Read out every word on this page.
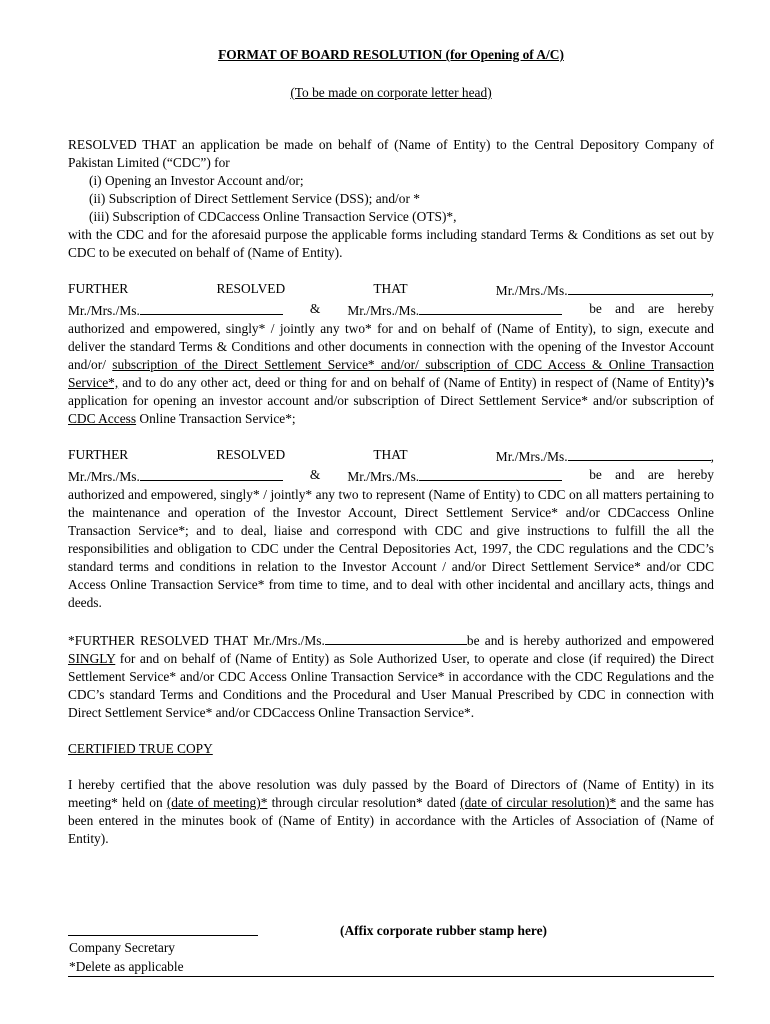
FORMAT OF BOARD RESOLUTION (for Opening of A/C)

(To be made on corporate letter head)

RESOLVED THAT an application be made on behalf of (Name of Entity) to the Central Depository Company of Pakistan Limited (“CDC”) for

(i) Opening an Investor Account and/or;

(ii) Subscription of Direct Settlement Service (DSS); and/or *

(iii) Subscription of CDCaccess Online Transaction Service (OTS)*,

with the CDC and for the aforesaid purpose the applicable forms including standard Terms & Conditions as set out by CDC to be executed on behalf of (Name of Entity).

FURTHER	RESOLVED	THAT	Mr./Mrs./Ms.	,
Mr./Mrs./Ms.	& Mr./Mrs./Ms.	be and are hereby

authorized and empowered, singly* / jointly any two* for and on behalf of (Name of Entity), to sign, execute and deliver the standard Terms & Conditions and other documents in connection with the opening of the Investor Account and/or/ subscription of the Direct Settlement Service* and/or/ subscription of CDC Access & Online Transaction Service*, and to do any other act, deed or thing for and on behalf of (Name of Entity) in respect of (Name of Entity)’s application for opening an investor account and/or subscription of Direct Settlement Service* and/or subscription of CDC Access Online Transaction Service*;

FURTHER	RESOLVED	THAT	Mr./Mrs./Ms.	,
Mr./Mrs./Ms.	& Mr./Mrs./Ms.	be and are hereby

authorized and empowered, singly* / jointly* any two to represent (Name of Entity) to CDC on all matters pertaining to the maintenance and operation of the Investor Account, Direct Settlement Service* and/or CDCaccess Online Transaction Service*; and to deal, liaise and correspond with CDC and give instructions to fulfill the all the responsibilities and obligation to CDC under the Central Depositories Act, 1997, the CDC regulations and the CDC’s standard terms and conditions in relation to the Investor Account / and/or Direct Settlement Service* and/or CDC Access Online Transaction Service* from time to time, and to deal with other incidental and ancillary acts, things and deeds.

*FURTHER RESOLVED THAT Mr./Mrs./Ms.	be and is hereby authorized and empowered SINGLY for and on behalf of (Name of Entity) as Sole Authorized User, to operate and close (if required) the Direct Settlement Service* and/or CDC Access Online Transaction Service* in accordance with the CDC Regulations and the CDC’s standard Terms and Conditions and the Procedural and User Manual Prescribed by CDC in connection with Direct Settlement Service* and/or CDCaccess Online Transaction Service*.

CERTIFIED TRUE COPY

I hereby certified that the above resolution was duly passed by the Board of Directors of (Name of Entity) in its meeting* held on (date of meeting)* through circular resolution* dated (date of circular resolution)* and the same has been entered in the minutes book of (Name of Entity) in accordance with the Articles of Association of (Name of Entity).

(Affix corporate rubber stamp here)
Company Secretary
*Delete as applicable
